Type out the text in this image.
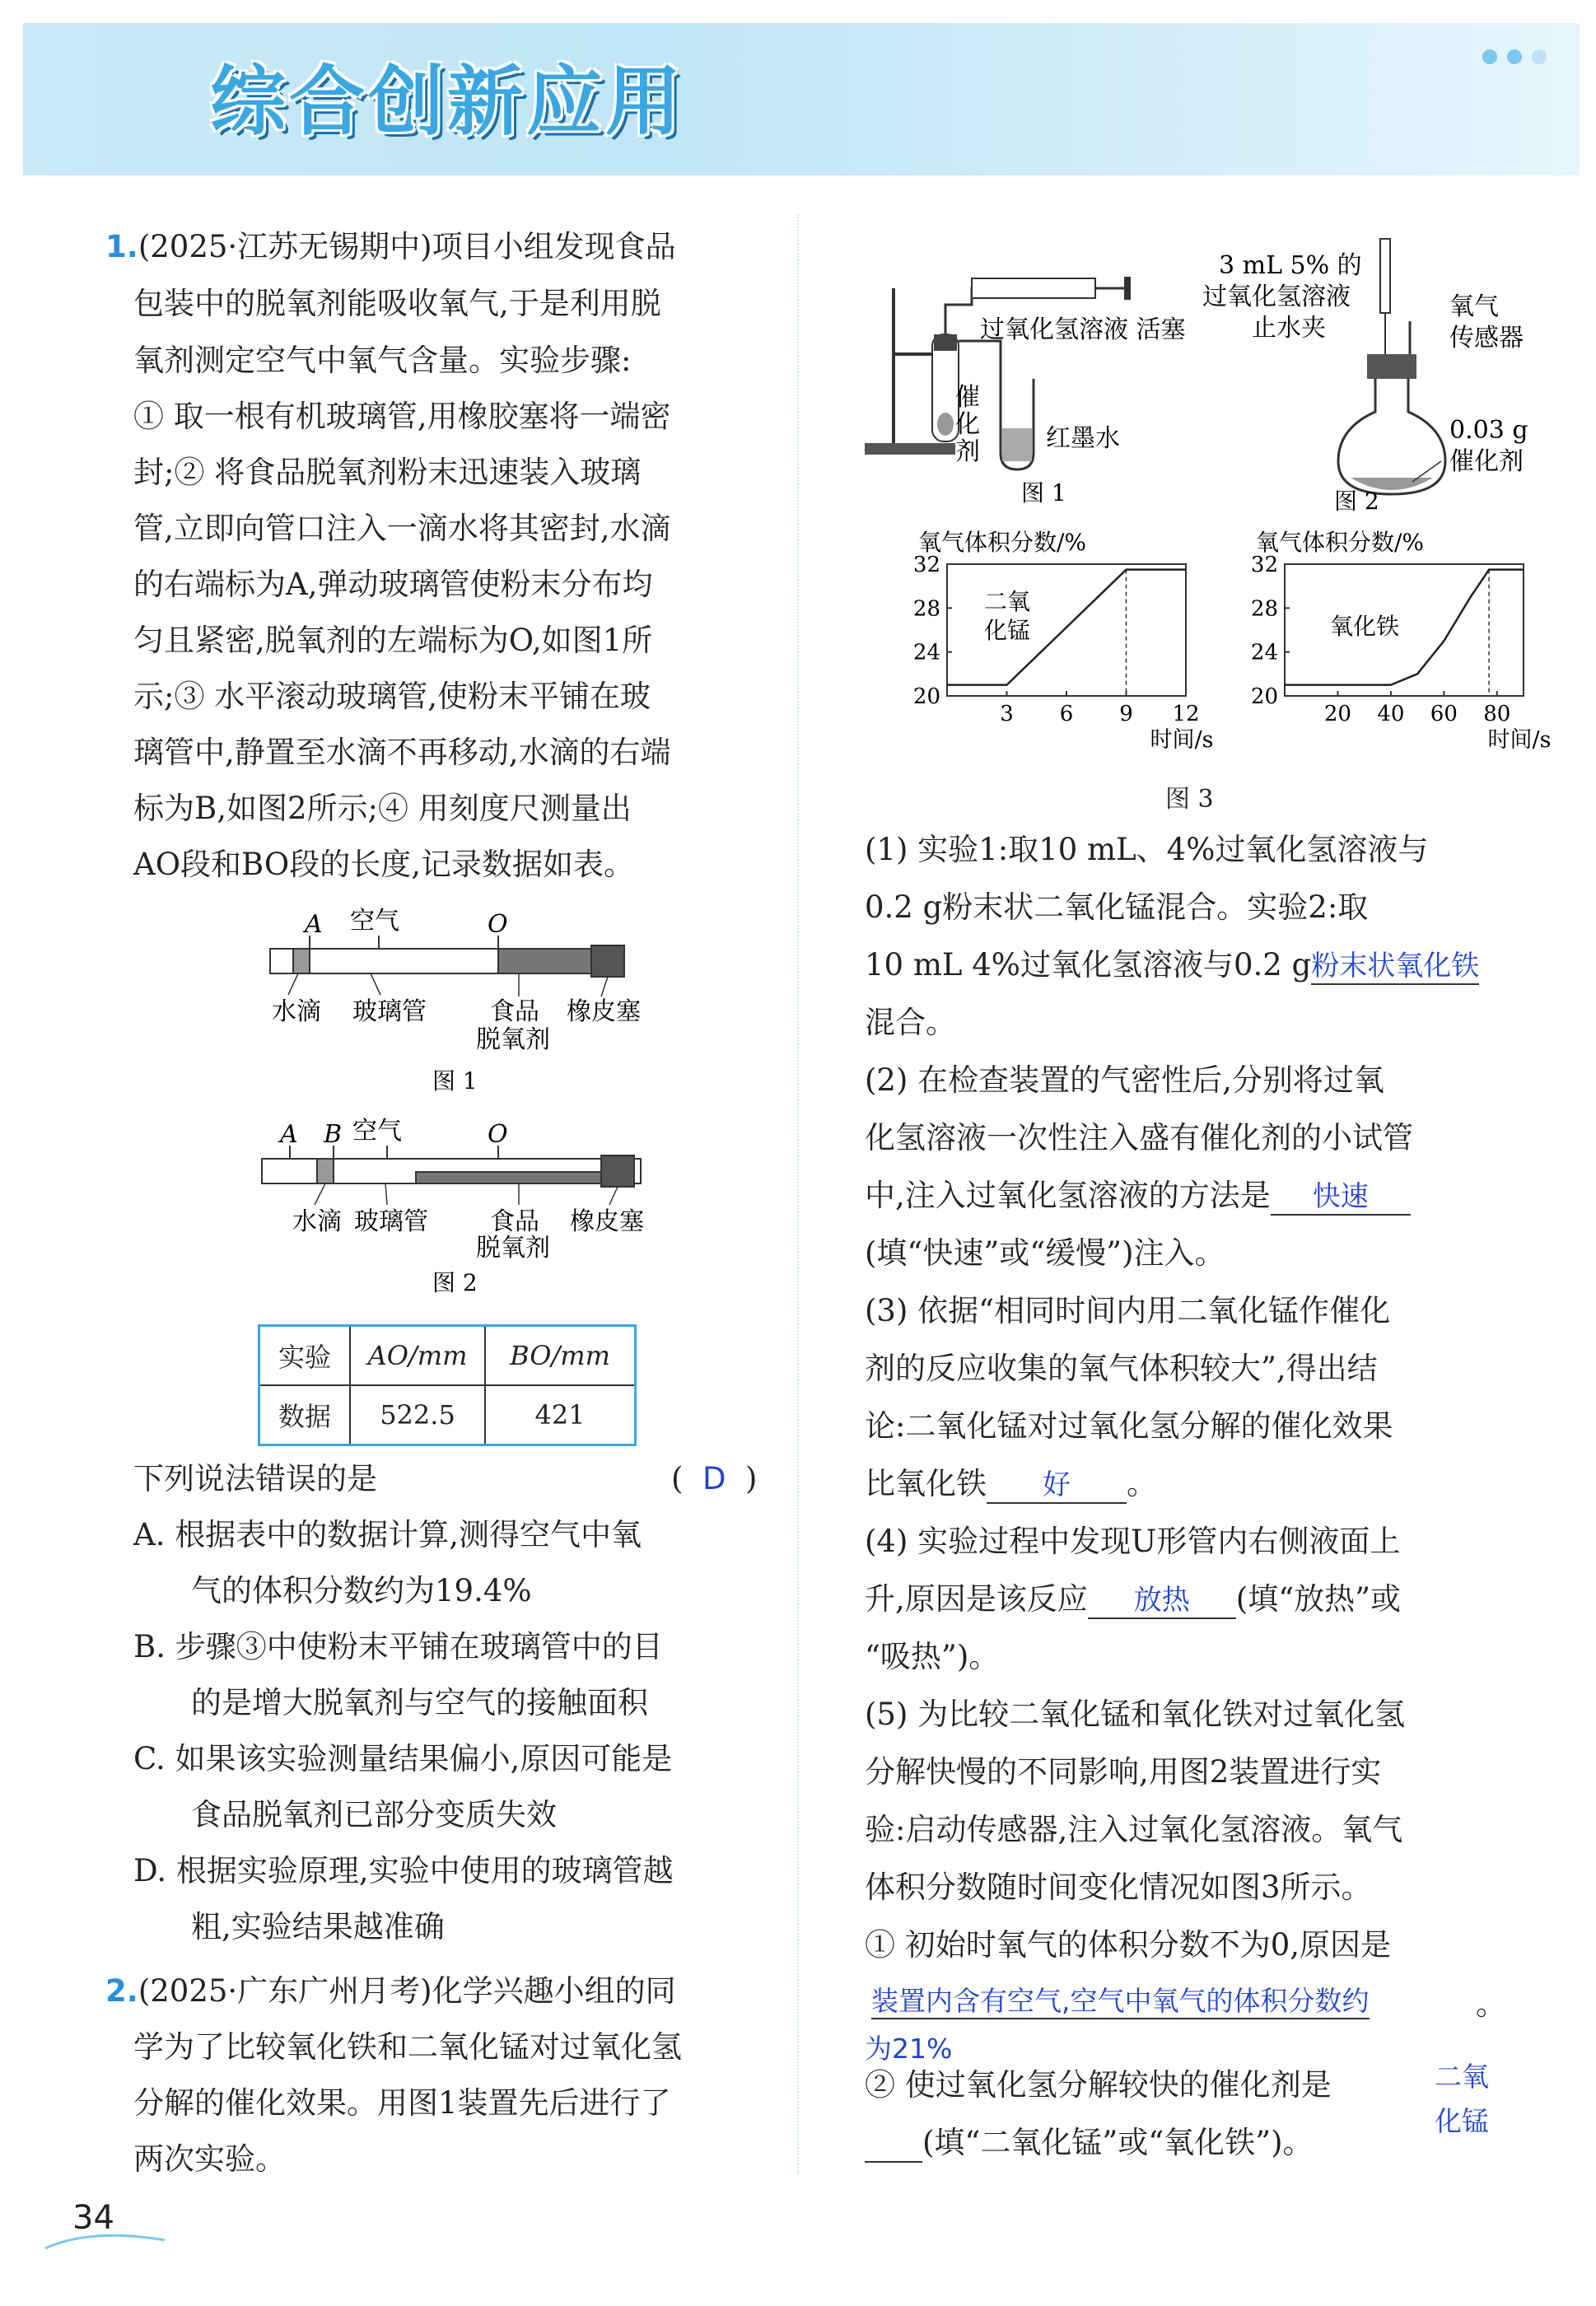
综合创新应用
1.(2025·江苏无锡期中)项目小组发现食品
包装中的脱氧剂能吸收氧气,于是利用脱
氧剂测定空气中氧气含量。实验步骤:
① 取一根有机玻璃管,用橡胶塞将一端密
封;② 将食品脱氧剂粉末迅速装入玻璃
管,立即向管口注入一滴水将其密封,水滴
的右端标为A,弹动玻璃管使粉末分布均
匀且紧密,脱氧剂的左端标为O,如图1所
示;③ 水平滚动玻璃管,使粉末平铺在玻
璃管中,静置至水滴不再移动,水滴的右端
标为B,如图2所示;④ 用刻度尺测量出
AO段和BO段的长度,记录数据如表。
A 空气	O
水滴 玻璃管	食品
脱氧剂
橡皮塞
图 1
A B 空气	O
水滴 玻璃管	食品
脱氧剂
橡皮塞
图 2
实验	AO/mm	BO/mm
数据	522.5	421
下列说法错误的是	( D )
A. 根据表中的数据计算,测得空气中氧
气的体积分数约为19.4%
B. 步骤③中使粉末平铺在玻璃管中的目
的是增大脱氧剂与空气的接触面积
C. 如果该实验测量结果偏小,原因可能是
食品脱氧剂已部分变质失效
D. 根据实验原理,实验中使用的玻璃管越
粗,实验结果越准确
2.(2025·广东广州月考)化学兴趣小组的同
学为了比较氧化铁和二氧化锰对过氧化氢
分解的催化效果。用图1装置先后进行了
两次实验。
过氧化氢溶液 活塞
催
化
剂	红墨水
图 1
3 mL 5% 的
过氧化氢溶液
止水夹
氧气
传感器
0.03 g
催化剂
图 2
氧气体积分数/%
20
24
28
32
3 6 9 12
时间/s
二氧
化锰
氧气体积分数/%
20
24
28
32
20 40 60 80
时间/s
氧化铁
图 3
(1) 实验1:取10 mL、4%过氧化氢溶液与
0.2 g粉末状二氧化锰混合。实验2:取
10 mL 4%过氧化氢溶液与0.2 g粉末状氧化铁
混合。
(2) 在检查装置的气密性后,分别将过氧
化氢溶液一次性注入盛有催化剂的小试管
中,注入过氧化氢溶液的方法是 快速
(填“快速”或“缓慢”)注入。
(3) 依据“相同时间内用二氧化锰作催化
剂的反应收集的氧气体积较大”,得出结
论:二氧化锰对过氧化氢分解的催化效果
比氧化铁 好 。
(4) 实验过程中发现U形管内右侧液面上
升,原因是该反应 放热 (填“放热”或
“吸热”)。
(5) 为比较二氧化锰和氧化铁对过氧化氢
分解快慢的不同影响,用图2装置进行实
验:启动传感器,注入过氧化氢溶液。氧气
体积分数随时间变化情况如图3所示。
① 初始时氧气的体积分数不为0,原因是
装置内含有空气,空气中氧气的体积分数约	。
为21%
② 使过氧化氢分解较快的催化剂是	二氧
化锰
(填“二氧化锰”或“氧化铁”)。
34
